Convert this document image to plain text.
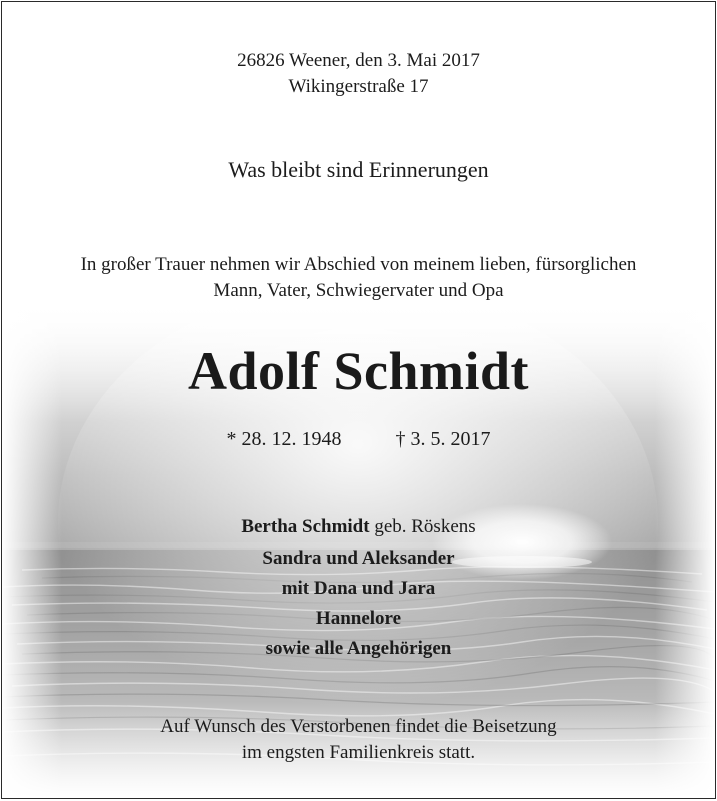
26826 Weener, den 3. Mai 2017
Wikingerstraße 17
Was bleibt sind Erinnerungen
In großer Trauer nehmen wir Abschied von meinem lieben, fürsorglichen
Mann, Vater, Schwiegervater und Opa
Adolf Schmidt
* 28. 12. 1948	† 3. 5. 2017
Bertha Schmidt geb. Röskens
Sandra und Aleksander
mit Dana und Jara
Hannelore
sowie alle Angehörigen
Auf Wunsch des Verstorbenen findet die Beisetzung
im engsten Familienkreis statt.
